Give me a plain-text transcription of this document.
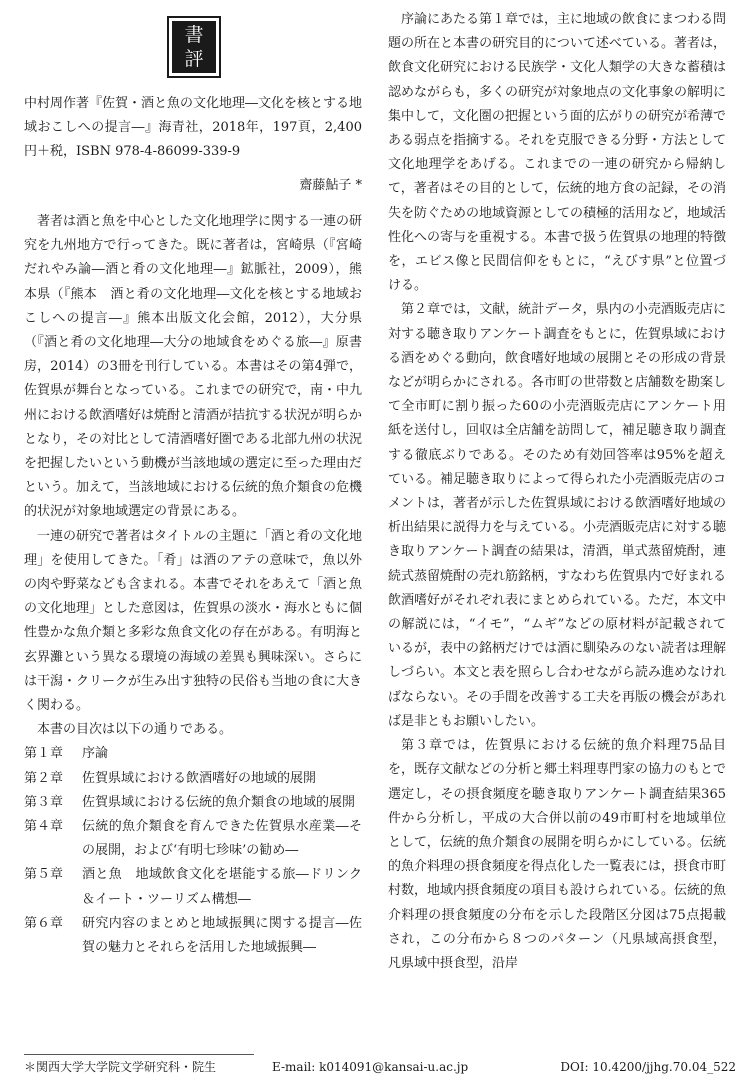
書
評
中村周作著『佐賀・酒と魚の文化地理―文化を核とする地域おこしへの提言―』海青社，2018年，197頁，2,400円＋税，ISBN 978-4-86099-339-9
齋藤鮎子 *

著者は酒と魚を中心とした文化地理学に関する一連の研究を九州地方で行ってきた。既に著者は，宮崎県（『宮崎だれやみ論―酒と肴の文化地理―』鉱脈社，2009），熊本県（『熊本　酒と肴の文化地理―文化を核とする地域おこしへの提言―』熊本出版文化会館，2012），大分県（『酒と肴の文化地理―大分の地域食をめぐる旅―』原書房，2014）の3冊を刊行している。本書はその第4弾で，佐賀県が舞台となっている。これまでの研究で，南・中九州における飲酒嗜好は焼酎と清酒が拮抗する状況が明らかとなり，その対比として清酒嗜好圏である北部九州の状況を把握したいという動機が当該地域の選定に至った理由だという。加えて，当該地域における伝統的魚介類食の危機的状況が対象地域選定の背景にある。

一連の研究で著者はタイトルの主題に「酒と肴の文化地理」を使用してきた。「肴」は酒のアテの意味で，魚以外の肉や野菜なども含まれる。本書でそれをあえて「酒と魚の文化地理」とした意図は，佐賀県の淡水・海水ともに個性豊かな魚介類と多彩な魚食文化の存在がある。有明海と玄界灘という異なる環境の海域の差異も興味深い。さらには干潟・クリークが生み出す独特の民俗も当地の食に大きく関わる。

本書の目次は以下の通りである。

第１章	序論
第２章	佐賀県域における飲酒嗜好の地域的展開
第３章	佐賀県域における伝統的魚介類食の地域的展開
第４章	伝統的魚介類食を育んできた佐賀県水産業―その展開，および‘有明七珍味’の勧め―
第５章	酒と魚　地域飲食文化を堪能する旅―ドリンク＆イート・ツーリズム構想―
第６章	研究内容のまとめと地域振興に関する提言―佐賀の魅力とそれらを活用した地域振興―

序論にあたる第１章では，主に地域の飲食にまつわる問題の所在と本書の研究目的について述べている。著者は，飲食文化研究における民族学・文化人類学の大きな蓄積は認めながらも，多くの研究が対象地点の文化事象の解明に集中して，文化圏の把握という面的広がりの研究が希薄である弱点を指摘する。それを克服できる分野・方法として文化地理学をあげる。これまでの一連の研究から帰納して，著者はその目的として，伝統的地方食の記録，その消失を防ぐための地域資源としての積極的活用など，地域活性化への寄与を重視する。本書で扱う佐賀県の地理的特徴を，エビス像と民間信仰をもとに，“えびす県”と位置づける。

第２章では，文献，統計データ，県内の小売酒販売店に対する聴き取りアンケート調査をもとに，佐賀県域における酒をめぐる動向，飲食嗜好地域の展開とその形成の背景などが明らかにされる。各市町の世帯数と店舗数を勘案して全市町に割り振った60の小売酒販売店にアンケート用紙を送付し，回収は全店舗を訪問して，補足聴き取り調査する徹底ぶりである。そのため有効回答率は95%を超えている。補足聴き取りによって得られた小売酒販売店のコメントは，著者が示した佐賀県域における飲酒嗜好地域の析出結果に説得力を与えている。小売酒販売店に対する聴き取りアンケート調査の結果は，清酒，単式蒸留焼酎，連続式蒸留焼酎の売れ筋銘柄，すなわち佐賀県内で好まれる飲酒嗜好がそれぞれ表にまとめられている。ただ，本文中の解説には，“イモ”，“ムギ”などの原材料が記載されているが，表中の銘柄だけでは酒に馴染みのない読者は理解しづらい。本文と表を照らし合わせながら読み進めなければならない。その手間を改善する工夫を再版の機会があれば是非ともお願いしたい。

第３章では，佐賀県における伝統的魚介料理75品目を，既存文献などの分析と郷土料理専門家の協力のもとで選定し，その摂食頻度を聴き取りアンケート調査結果365件から分析し，平成の大合併以前の49市町村を地域単位として，伝統的魚介類食の展開を明らかにしている。伝統的魚介料理の摂食頻度を得点化した一覧表には，摂食市町村数，地域内摂食頻度の項目も設けられている。伝統的魚介料理の摂食頻度の分布を示した段階区分図は75点掲載され，この分布から８つのパターン（凡県域高摂食型，凡県域中摂食型，沿岸

＊関西大学大学院文学研究科・院生	E-mail: k014091@kansai-u.ac.jp	DOI: 10.4200/jjhg.70.04_522
